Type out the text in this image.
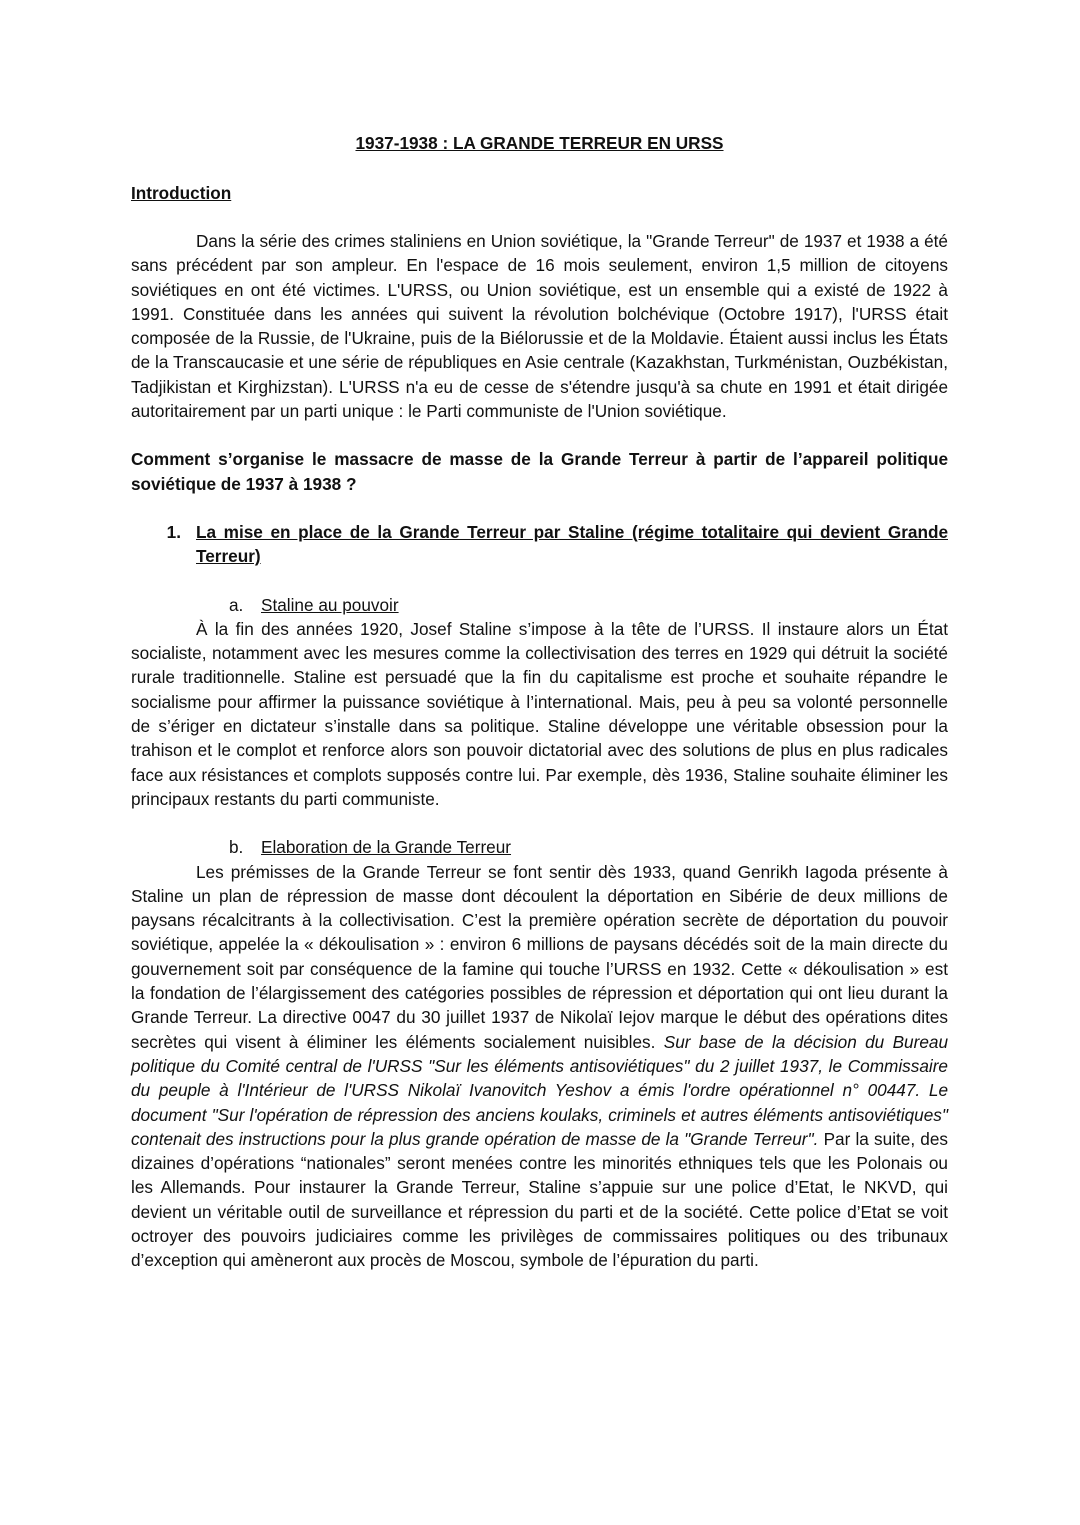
1937-1938 : LA GRANDE TERREUR EN URSS
Introduction

Dans la série des crimes staliniens en Union soviétique, la "Grande Terreur" de 1937 et 1938 a été sans précédent par son ampleur. En l'espace de 16 mois seulement, environ 1,5 million de citoyens soviétiques en ont été victimes. L'URSS, ou Union soviétique, est un ensemble qui a existé de 1922 à 1991. Constituée dans les années qui suivent la révolution bolchévique (Octobre 1917), l'URSS était composée de la Russie, de l'Ukraine, puis de la Biélorussie et de la Moldavie. Étaient aussi inclus les États de la Transcaucasie et une série de républiques en Asie centrale (Kazakhstan, Turkménistan, Ouzbékistan, Tadjikistan et Kirghizstan). L'URSS n'a eu de cesse de s'étendre jusqu'à sa chute en 1991 et était dirigée autoritairement par un parti unique : le Parti communiste de l'Union soviétique.

Comment s’organise le massacre de masse de la Grande Terreur à partir de l’appareil politique soviétique de 1937 à 1938 ?

1. La mise en place de la Grande Terreur par Staline (régime totalitaire qui devient Grande Terreur)
a. Staline au pouvoir

À la fin des années 1920, Josef Staline s’impose à la tête de l’URSS. Il instaure alors un État socialiste, notamment avec les mesures comme la collectivisation des terres en 1929 qui détruit la société rurale traditionnelle. Staline est persuadé que la fin du capitalisme est proche et souhaite répandre le socialisme pour affirmer la puissance soviétique à l’international. Mais, peu à peu sa volonté personnelle de s’ériger en dictateur s’installe dans sa politique. Staline développe une véritable obsession pour la trahison et le complot et renforce alors son pouvoir dictatorial avec des solutions de plus en plus radicales face aux résistances et complots supposés contre lui. Par exemple, dès 1936, Staline souhaite éliminer les principaux restants du parti communiste.

b. Elaboration de la Grande Terreur

Les prémisses de la Grande Terreur se font sentir dès 1933, quand Genrikh Iagoda présente à Staline un plan de répression de masse dont découlent la déportation en Sibérie de deux millions de paysans récalcitrants à la collectivisation. C’est la première opération secrète de déportation du pouvoir soviétique, appelée la « dékoulisation » : environ 6 millions de paysans décédés soit de la main directe du gouvernement soit par conséquence de la famine qui touche l’URSS en 1932. Cette « dékoulisation » est la fondation de l’élargissement des catégories possibles de répression et déportation qui ont lieu durant la Grande Terreur. La directive 0047 du 30 juillet 1937 de Nikolaï Iejov marque le début des opérations dites secrètes qui visent à éliminer les éléments socialement nuisibles. Sur base de la décision du Bureau politique du Comité central de l'URSS "Sur les éléments antisoviétiques" du 2 juillet 1937, le Commissaire du peuple à l'Intérieur de l'URSS Nikolaï Ivanovitch Yeshov a émis l'ordre opérationnel n° 00447. Le document "Sur l'opération de répression des anciens koulaks, criminels et autres éléments antisoviétiques" contenait des instructions pour la plus grande opération de masse de la "Grande Terreur". Par la suite, des dizaines d’opérations “nationales” seront menées contre les minorités ethniques tels que les Polonais ou les Allemands. Pour instaurer la Grande Terreur, Staline s’appuie sur une police d’Etat, le NKVD, qui devient un véritable outil de surveillance et répression du parti et de la société. Cette police d’Etat se voit octroyer des pouvoirs judiciaires comme les privilèges de commissaires politiques ou des tribunaux d’exception qui amèneront aux procès de Moscou, symbole de l’épuration du parti.
